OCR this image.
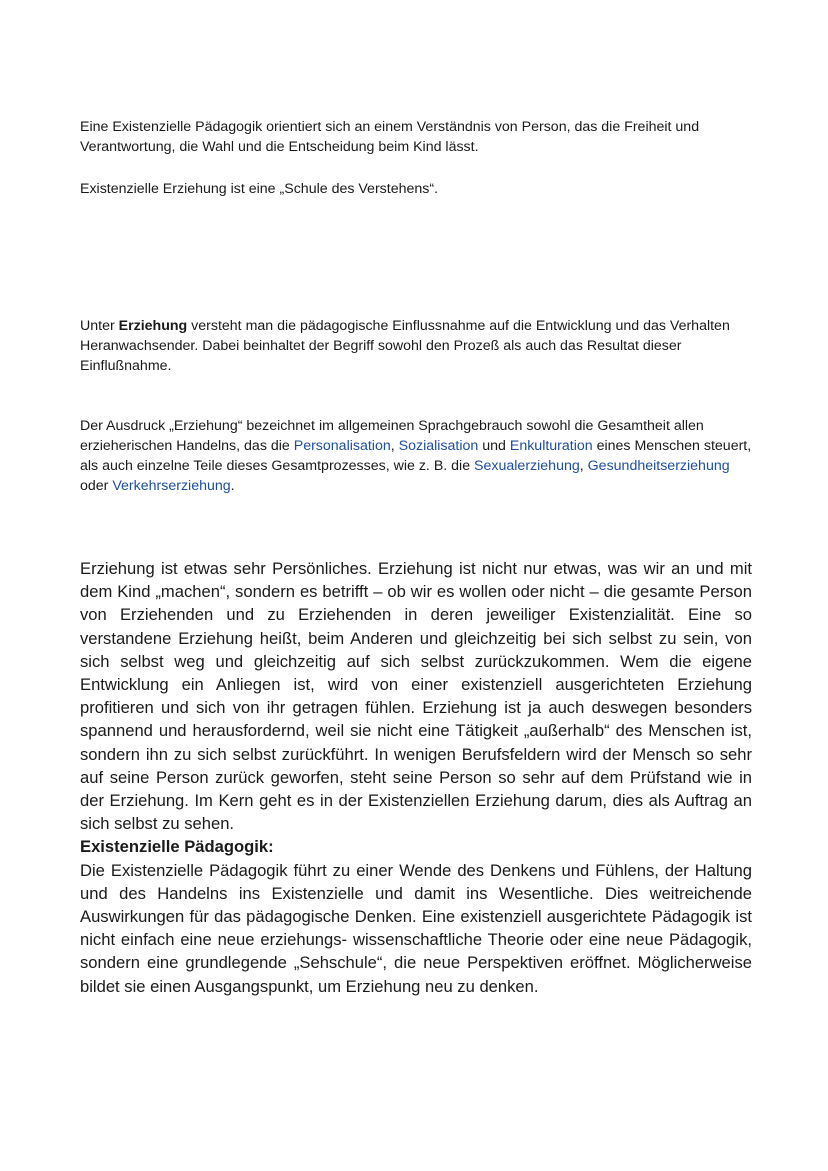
Eine Existenzielle Pädagogik orientiert sich an einem Verständnis von Person, das die Freiheit und Verantwortung, die Wahl und die Entscheidung beim Kind lässt.

Existenzielle Erziehung ist eine „Schule des Verstehens“.

Unter Erziehung versteht man die pädagogische Einflussnahme auf die Entwicklung und das Verhalten Heranwachsender. Dabei beinhaltet der Begriff sowohl den Prozeß als auch das Resultat dieser Einflußnahme.

Der Ausdruck „Erziehung“ bezeichnet im allgemeinen Sprachgebrauch sowohl die Gesamtheit allen erzieherischen Handelns, das die Personalisation, Sozialisation und Enkulturation eines Menschen steuert, als auch einzelne Teile dieses Gesamtprozesses, wie z. B. die Sexualerziehung, Gesundheitserziehung oder Verkehrserziehung.

Erziehung ist etwas sehr Persönliches. Erziehung ist nicht nur etwas, was wir an und mit dem Kind „machen“, sondern es betrifft – ob wir es wollen oder nicht – die gesamte Person von Erziehenden und zu Erziehenden in deren jeweiliger Existenzialität. Eine so verstandene Erziehung heißt, beim Anderen und gleichzeitig bei sich selbst zu sein, von sich selbst weg und gleichzeitig auf sich selbst zurückzukommen. Wem die eigene Entwicklung ein Anliegen ist, wird von einer existenziell ausgerichteten Erziehung profitieren und sich von ihr getragen fühlen. Erziehung ist ja auch deswegen besonders spannend und herausfordernd, weil sie nicht eine Tätigkeit „außerhalb“ des Menschen ist, sondern ihn zu sich selbst zurückführt. In wenigen Berufsfeldern wird der Mensch so sehr auf seine Person zurück geworfen, steht seine Person so sehr auf dem Prüfstand wie in der Erziehung. Im Kern geht es in der Existenziellen Erziehung darum, dies als Auftrag an sich selbst zu sehen.

Existenzielle Pädagogik:

Die Existenzielle Pädagogik führt zu einer Wende des Denkens und Fühlens, der Haltung und des Handelns ins Existenzielle und damit ins Wesentliche. Dies weitreichende Auswirkungen für das pädagogische Denken. Eine existenziell ausgerichtete Pädagogik ist nicht einfach eine neue erziehungs- wissenschaftliche Theorie oder eine neue Pädagogik, sondern eine grundlegende „Sehschule“, die neue Perspektiven eröffnet. Möglicherweise bildet sie einen Ausgangspunkt, um Erziehung neu zu denken.
